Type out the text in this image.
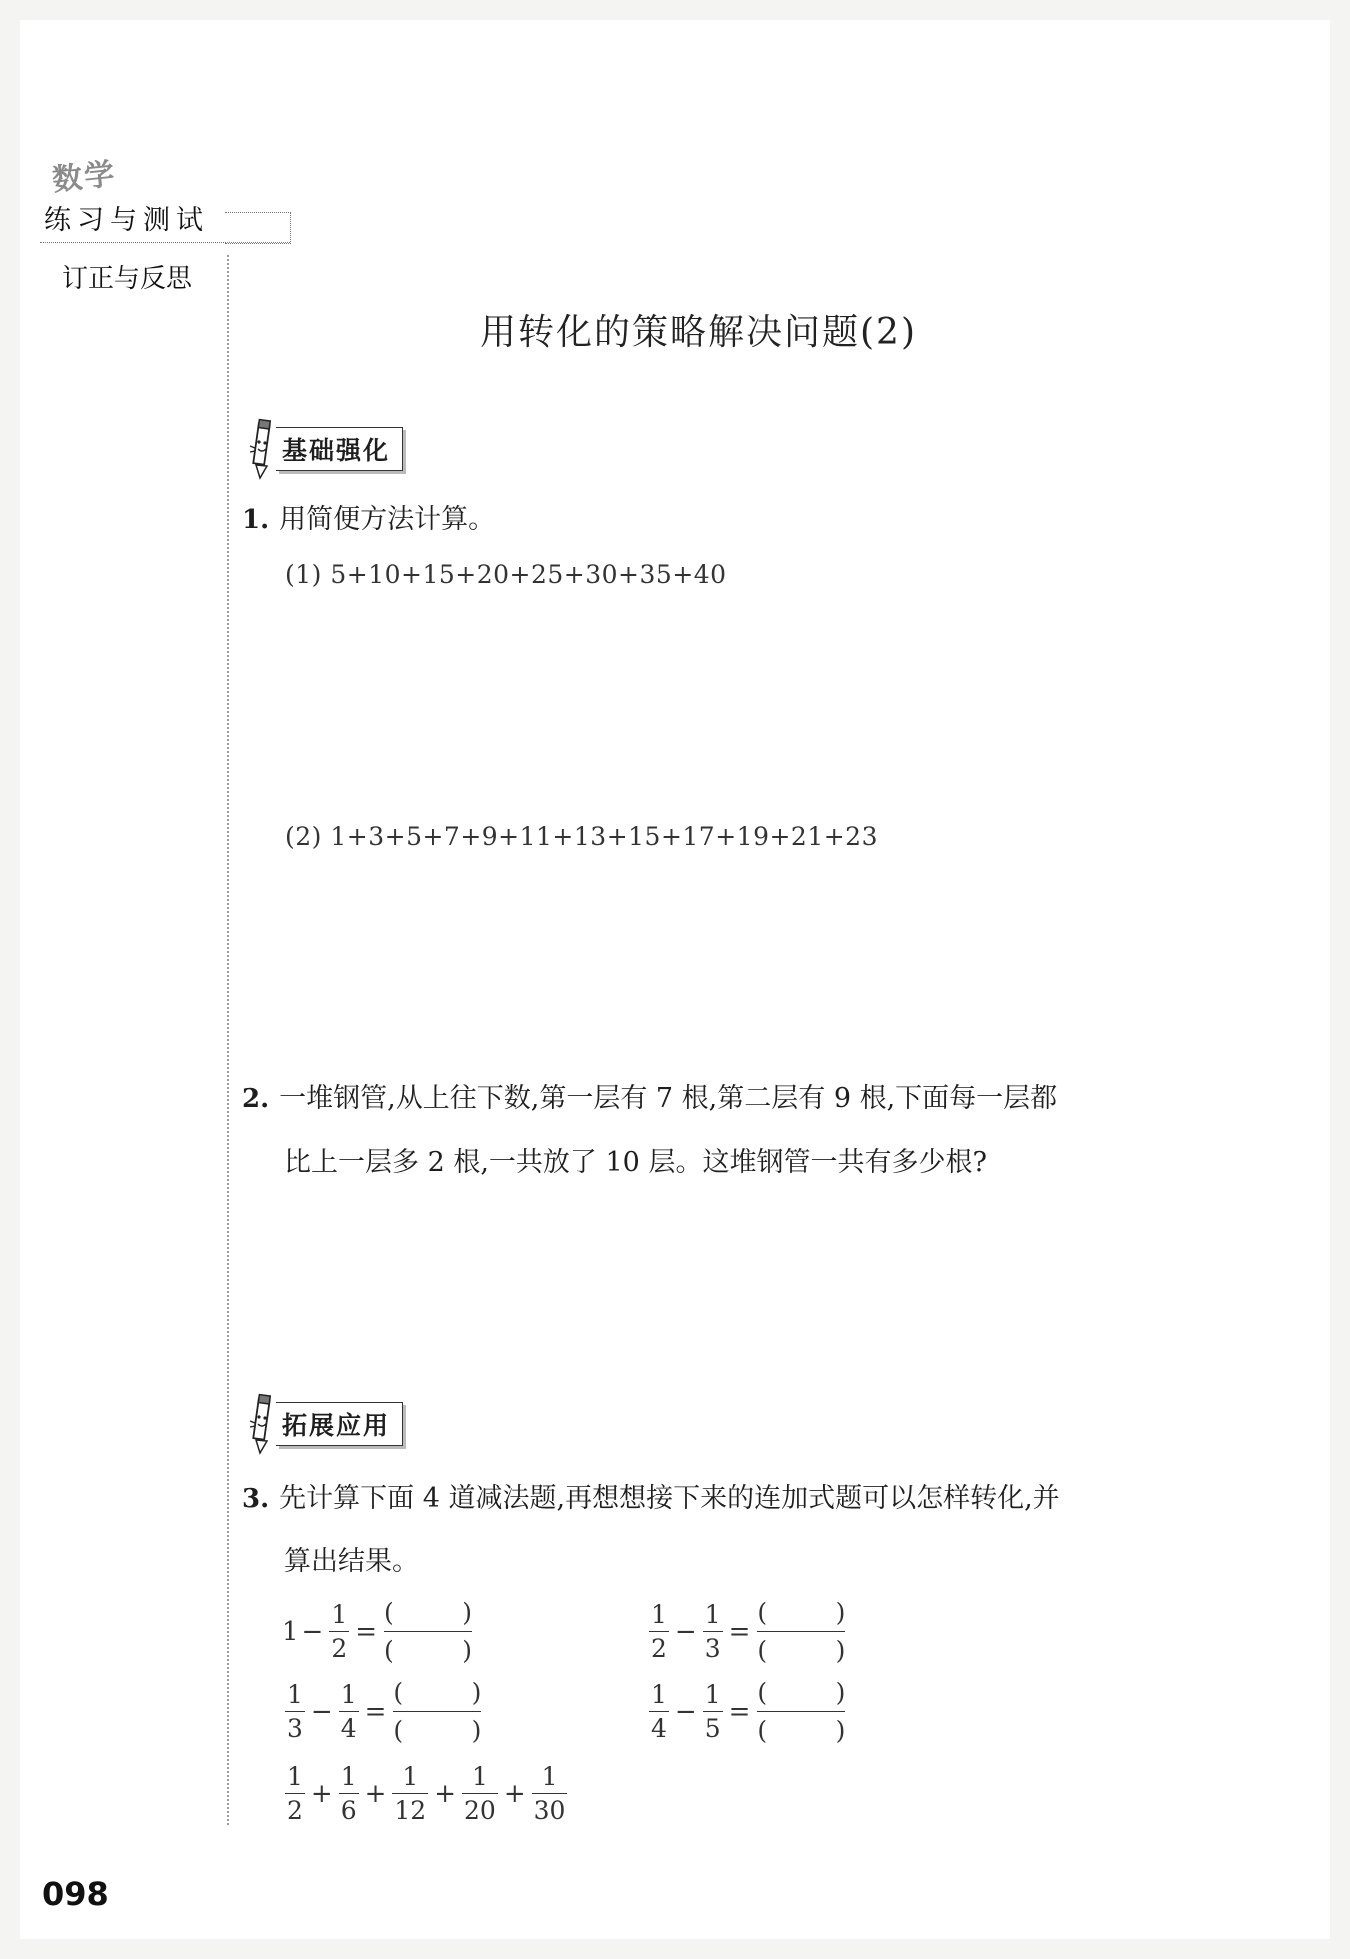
数学
练习与测试
订正与反思
用转化的策略解决问题(2)
基础强化
1. 用简便方法计算。
(1) 5+10+15+20+25+30+35+40
(2) 1+3+5+7+9+11+13+15+17+19+21+23
2. 一堆钢管,从上往下数,第一层有 7 根,第二层有 9 根,下面每一层都
比上一层多 2 根,一共放了 10 层。这堆钢管一共有多少根?
拓展应用
3. 先计算下面 4 道减法题,再想想接下来的连加式题可以怎样转化,并
算出结果。
$1 - \frac{1}{2}$ =
(	)
(	)	$\frac{1}{2} - \frac{1}{3}$ =
(	)
(	)
$\frac{1}{3} - \frac{1}{4}$ =
(	)
(	)	$\frac{1}{4} - \frac{1}{5}$ =
(	)
(	)
$\frac{1}{2} + \frac{1}{6} + \frac{1}{12} + \frac{1}{20} + \frac{1}{30}$
098
